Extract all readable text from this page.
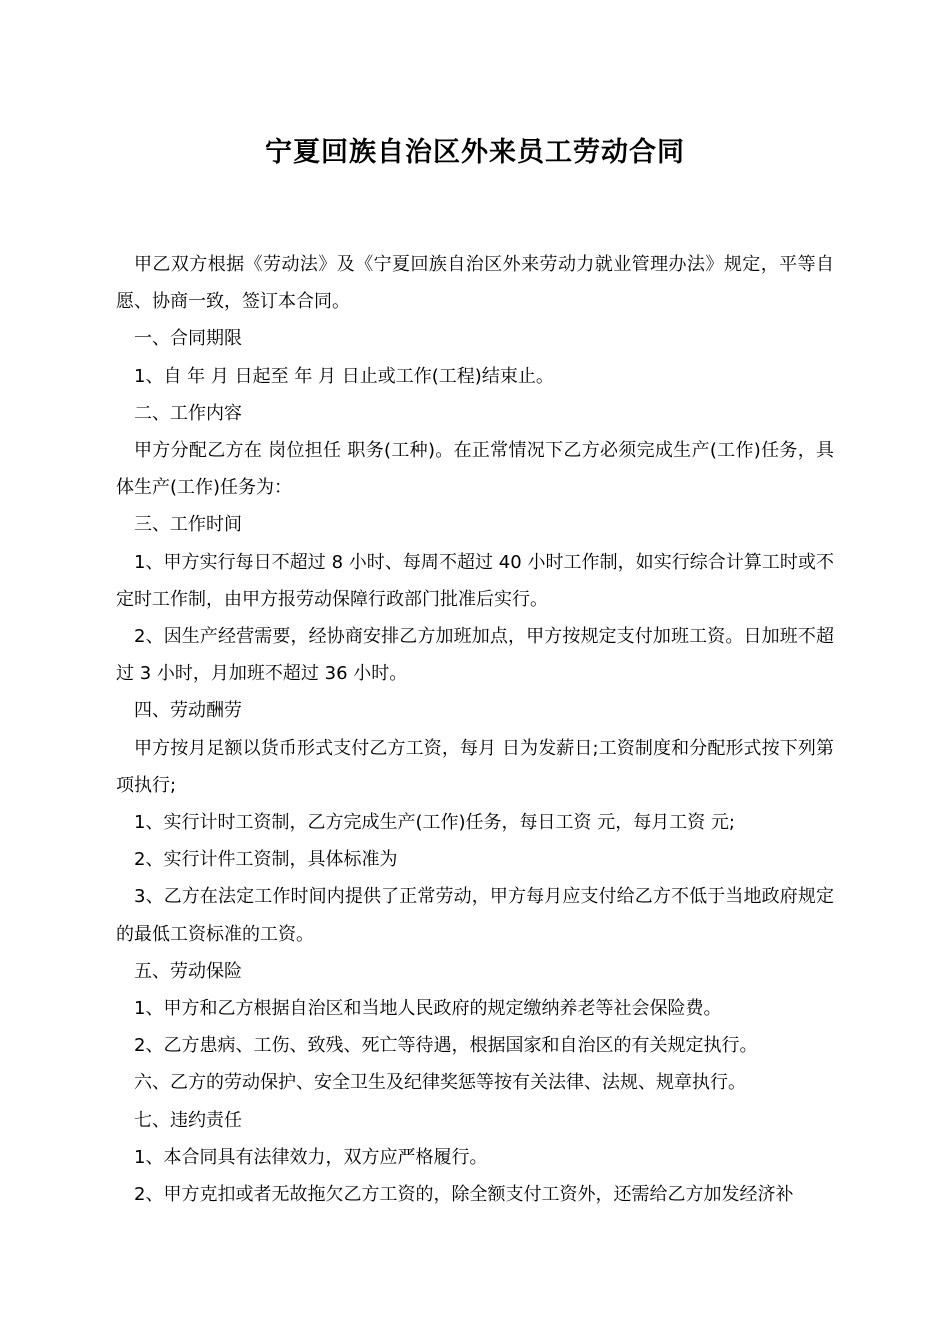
宁夏回族自治区外来员工劳动合同

甲乙双方根据《劳动法》及《宁夏回族自治区外来劳动力就业管理办法》规定，平等自愿、协商一致，签订本合同。

一、合同期限

1、自 年 月 日起至 年 月 日止或工作(工程)结束止。

二、工作内容

甲方分配乙方在 岗位担任 职务(工种)。在正常情况下乙方必须完成生产(工作)任务，具体生产(工作)任务为：

三、工作时间

1、甲方实行每日不超过 8 小时、每周不超过 40 小时工作制，如实行综合计算工时或不定时工作制，由甲方报劳动保障行政部门批准后实行。

2、因生产经营需要，经协商安排乙方加班加点，甲方按规定支付加班工资。日加班不超过 3 小时，月加班不超过 36 小时。

四、劳动酬劳

甲方按月足额以货币形式支付乙方工资，每月 日为发薪日;工资制度和分配形式按下列第 项执行;

1、实行计时工资制，乙方完成生产(工作)任务，每日工资 元，每月工资 元;

2、实行计件工资制，具体标准为

3、乙方在法定工作时间内提供了正常劳动，甲方每月应支付给乙方不低于当地政府规定的最低工资标准的工资。

五、劳动保险

1、甲方和乙方根据自治区和当地人民政府的规定缴纳养老等社会保险费。

2、乙方患病、工伤、致残、死亡等待遇，根据国家和自治区的有关规定执行。

六、乙方的劳动保护、安全卫生及纪律奖惩等按有关法律、法规、规章执行。

七、违约责任

1、本合同具有法律效力，双方应严格履行。

2、甲方克扣或者无故拖欠乙方工资的，除全额支付工资外，还需给乙方加发经济补
